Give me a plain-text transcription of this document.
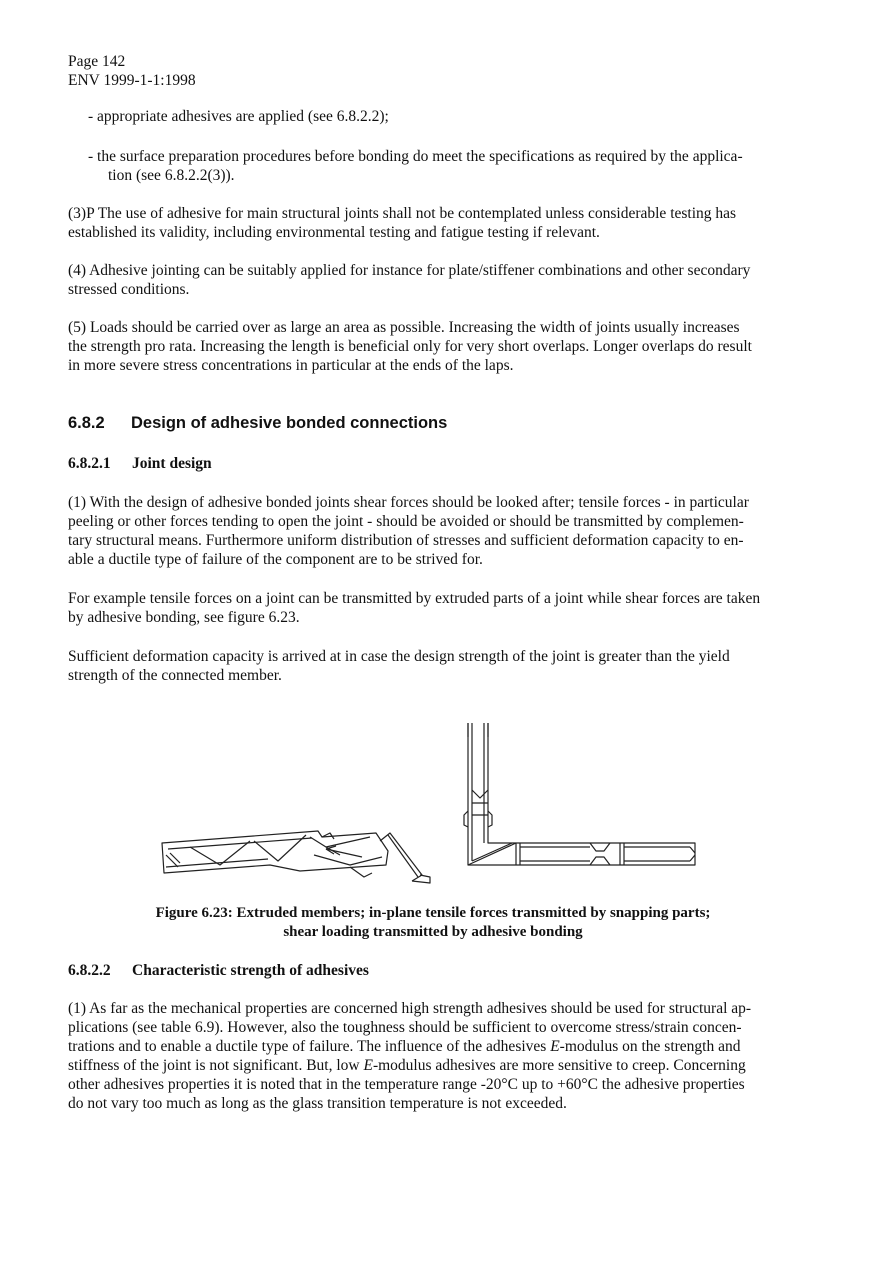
Page 142
ENV 1999-1-1:1998
- appropriate adhesives are applied (see 6.8.2.2);
- the surface preparation procedures before bonding do meet the specifications as required by the applica-
tion (see 6.8.2.2(3)).
(3)P The use of adhesive for main structural joints shall not be contemplated unless considerable testing has
established its validity, including environmental testing and fatigue testing if relevant.
(4) Adhesive jointing can be suitably applied for instance for plate/stiffener combinations and other secondary
stressed conditions.
(5) Loads should be carried over as large an area as possible. Increasing the width of joints usually increases
the strength pro rata. Increasing the length is beneficial only for very short overlaps. Longer overlaps do result
in more severe stress concentrations in particular at the ends of the laps.
6.8.2 Design of adhesive bonded connections
6.8.2.1 Joint design
(1) With the design of adhesive bonded joints shear forces should be looked after; tensile forces - in particular
peeling or other forces tending to open the joint - should be avoided or should be transmitted by complemen-
tary structural means. Furthermore uniform distribution of stresses and sufficient deformation capacity to en-
able a ductile type of failure of the component are to be strived for.
For example tensile forces on a joint can be transmitted by extruded parts of a joint while shear forces are taken
by adhesive bonding, see figure 6.23.
Sufficient deformation capacity is arrived at in case the design strength of the joint is greater than the yield
strength of the connected member.
Figure 6.23: Extruded members; in-plane tensile forces transmitted by snapping parts;
shear loading transmitted by adhesive bonding
6.8.2.2 Characteristic strength of adhesives
(1) As far as the mechanical properties are concerned high strength adhesives should be used for structural ap-
plications (see table 6.9). However, also the toughness should be sufficient to overcome stress/strain concen-
trations and to enable a ductile type of failure. The influence of the adhesives E-modulus on the strength and
stiffness of the joint is not significant. But, low E-modulus adhesives are more sensitive to creep. Concerning
other adhesives properties it is noted that in the temperature range -20°C up to +60°C the adhesive properties
do not vary too much as long as the glass transition temperature is not exceeded.
